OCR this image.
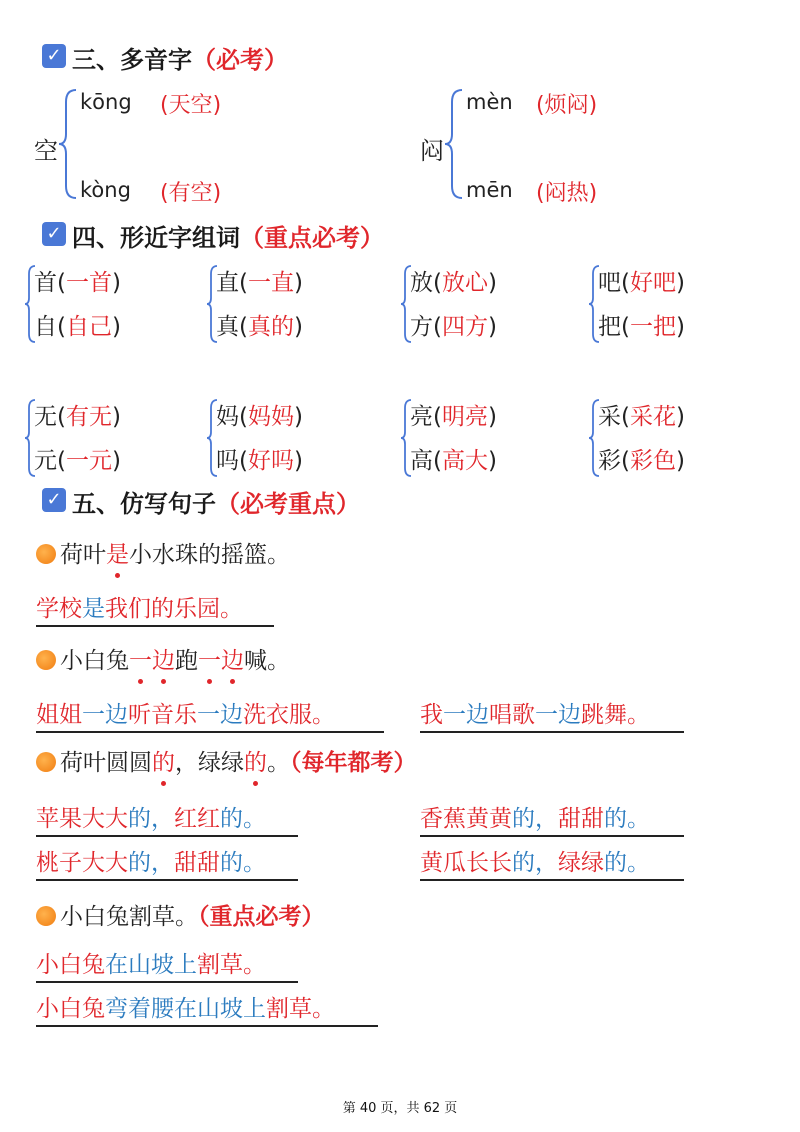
✓ 三、多音字（必考）
空
kōng (天空)
kòng (有空)
闷
mèn (烦闷)
mēn (闷热)
✓ 四、形近字组词（重点必考）
首(一首)
自(自己)
直(一直)
真(真的)
放(放心)
方(四方)
吧(好吧)
把(一把)
无(有无)
元(一元)
妈(妈妈)
吗(好吗)
亮(明亮)
高(高大)
采(采花)
彩(彩色)
✓ 五、仿写句子（必考重点）
荷叶是小水珠的摇篮。
学校是我们的乐园。
小白兔一边跑一边喊。
姐姐一边听音乐一边洗衣服。	我一边唱歌一边跳舞。
荷叶圆圆的，绿绿的。（每年都考）
苹果大大的，红红的。	香蕉黄黄的，甜甜的。
桃子大大的，甜甜的。	黄瓜长长的，绿绿的。
小白兔割草。（重点必考）
小白兔在山坡上割草。
小白兔弯着腰在山坡上割草。
第 40 页，共 62 页
